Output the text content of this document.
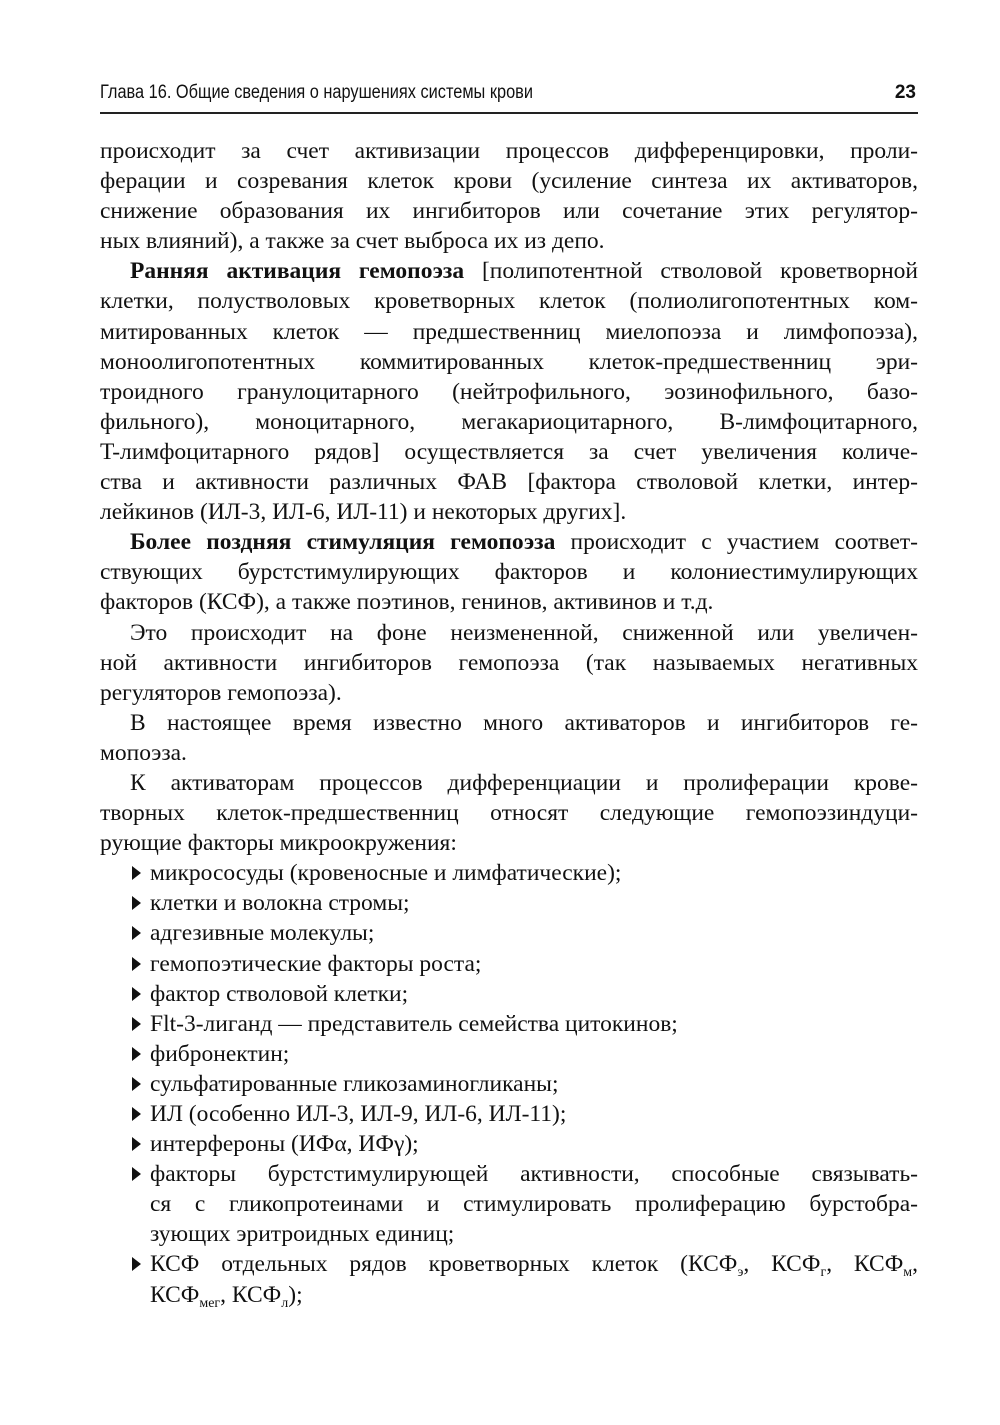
Глава 16. Общие сведения о нарушениях системы крови	23
происходит за счет активизации процессов дифференцировки, проли-
ферации и созревания клеток крови (усиление синтеза их активаторов,
снижение образования их ингибиторов или сочетание этих регулятор-
ных влияний), а также за счет выброса их из депо.
Ранняя активация гемопоэза [полипотентной стволовой кроветворной
клетки, полустволовых кроветворных клеток (полиолигопотентных ком-
митированных клеток — предшественниц миелопоэза и лимфопоэза),
моноолигопотентных коммитированных клеток-предшественниц эри-
троидного гранулоцитарного (нейтрофильного, эозинофильного, базо-
фильного), моноцитарного, мегакариоцитарного, B-лимфоцитарного,
T-лимфоцитарного рядов] осуществляется за счет увеличения количе-
ства и активности различных ФАВ [фактора стволовой клетки, интер-
лейкинов (ИЛ-3, ИЛ-6, ИЛ-11) и некоторых других].
Более поздняя стимуляция гемопоэза происходит с участием соответ-
ствующих бурстстимулирующих факторов и колониестимулирующих
факторов (КСФ), а также поэтинов, генинов, активинов и т.д.
Это происходит на фоне неизмененной, сниженной или увеличен-
ной активности ингибиторов гемопоэза (так называемых негативных
регуляторов гемопоэза).
В настоящее время известно много активаторов и ингибиторов ге-
мопоэза.
К активаторам процессов дифференциации и пролиферации крове-
творных клеток-предшественниц относят следующие гемопоэзиндуци-
рующие факторы микроокружения:
микрососуды (кровеносные и лимфатические);
клетки и волокна стромы;
адгезивные молекулы;
гемопоэтические факторы роста;
фактор стволовой клетки;
Flt-3-лиганд — представитель семейства цитокинов;
фибронектин;
сульфатированные гликозаминогликаны;
ИЛ (особенно ИЛ-3, ИЛ-9, ИЛ-6, ИЛ-11);
интерфероны (ИФα, ИФγ);
факторы бурстстимулирующей активности, способные связывать-
ся с гликопротеинами и стимулировать пролиферацию бурстобра-
зующих эритроидных единиц;
КСФ отдельных рядов кроветворных клеток ($КСФ_э$, $КСФ_г$, $КСФ_м$,
$КСФ_{мег}$, $КСФ_л$);
